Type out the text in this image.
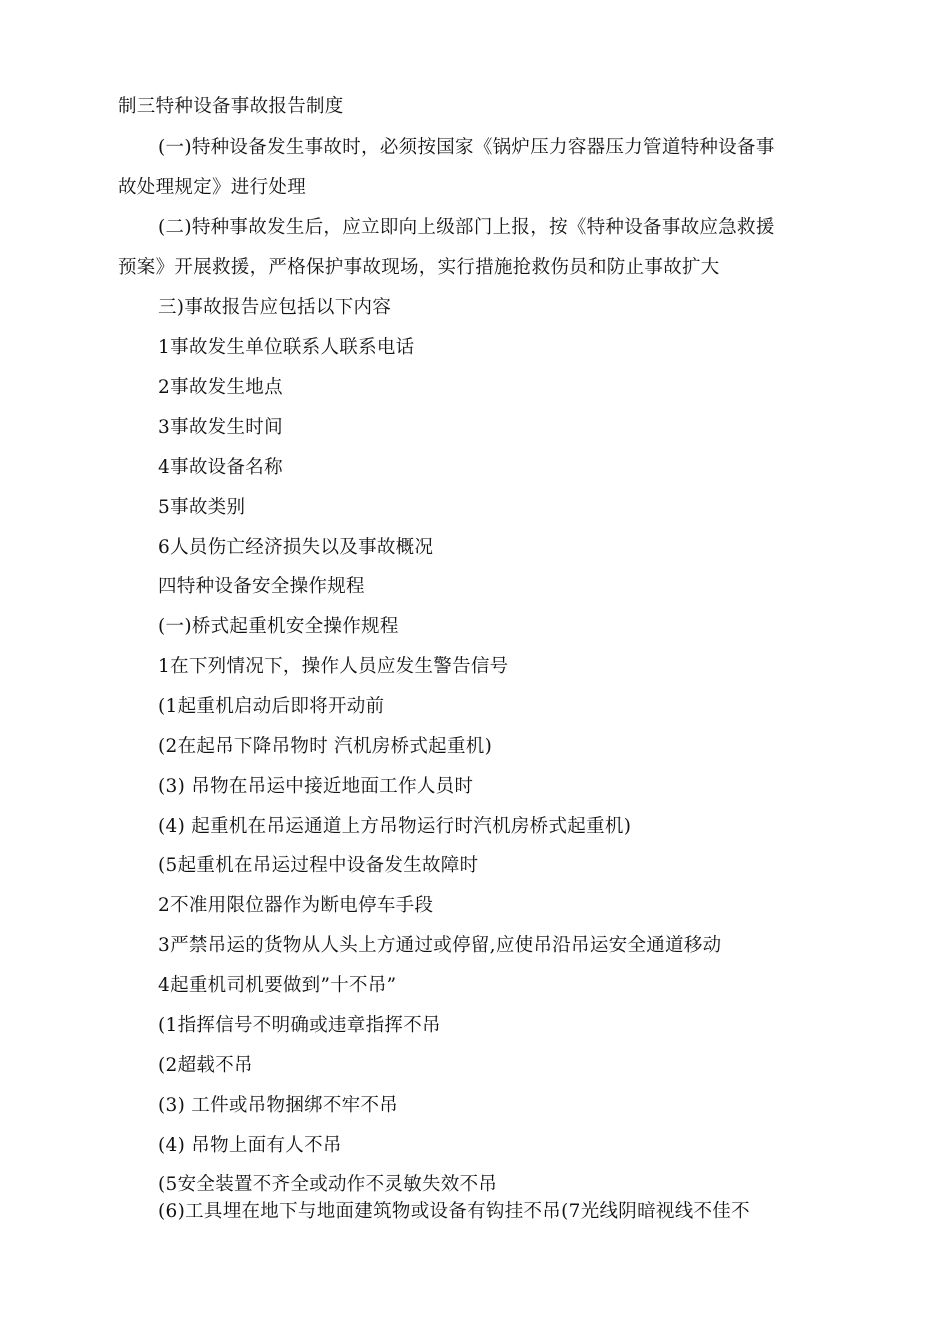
制三特种设备事故报告制度
(一)特种设备发生事故时，必须按国家《锅炉压力容器压力管道特种设备事
故处理规定》进行处理
(二)特种事故发生后，应立即向上级部门上报，按《特种设备事故应急救援
预案》开展救援，严格保护事故现场，实行措施抢救伤员和防止事故扩大
三)事故报告应包括以下内容
1事故发生单位联系人联系电话
2事故发生地点
3事故发生时间
4事故设备名称
5事故类别
6人员伤亡经济损失以及事故概况
四特种设备安全操作规程
(一)桥式起重机安全操作规程
1在下列情况下，操作人员应发生警告信号
(1起重机启动后即将开动前
(2在起吊下降吊物时 汽机房桥式起重机)
(3) 吊物在吊运中接近地面工作人员时
(4) 起重机在吊运通道上方吊物运行时汽机房桥式起重机)
(5起重机在吊运过程中设备发生故障时
2不准用限位器作为断电停车手段
3严禁吊运的货物从人头上方通过或停留,应使吊沿吊运安全通道移动
4起重机司机要做到”十不吊”
(1指挥信号不明确或违章指挥不吊
(2超载不吊
(3) 工件或吊物捆绑不牢不吊
(4) 吊物上面有人不吊
(5安全装置不齐全或动作不灵敏失效不吊
(6)工具埋在地下与地面建筑物或设备有钩挂不吊(7光线阴暗视线不佳不
